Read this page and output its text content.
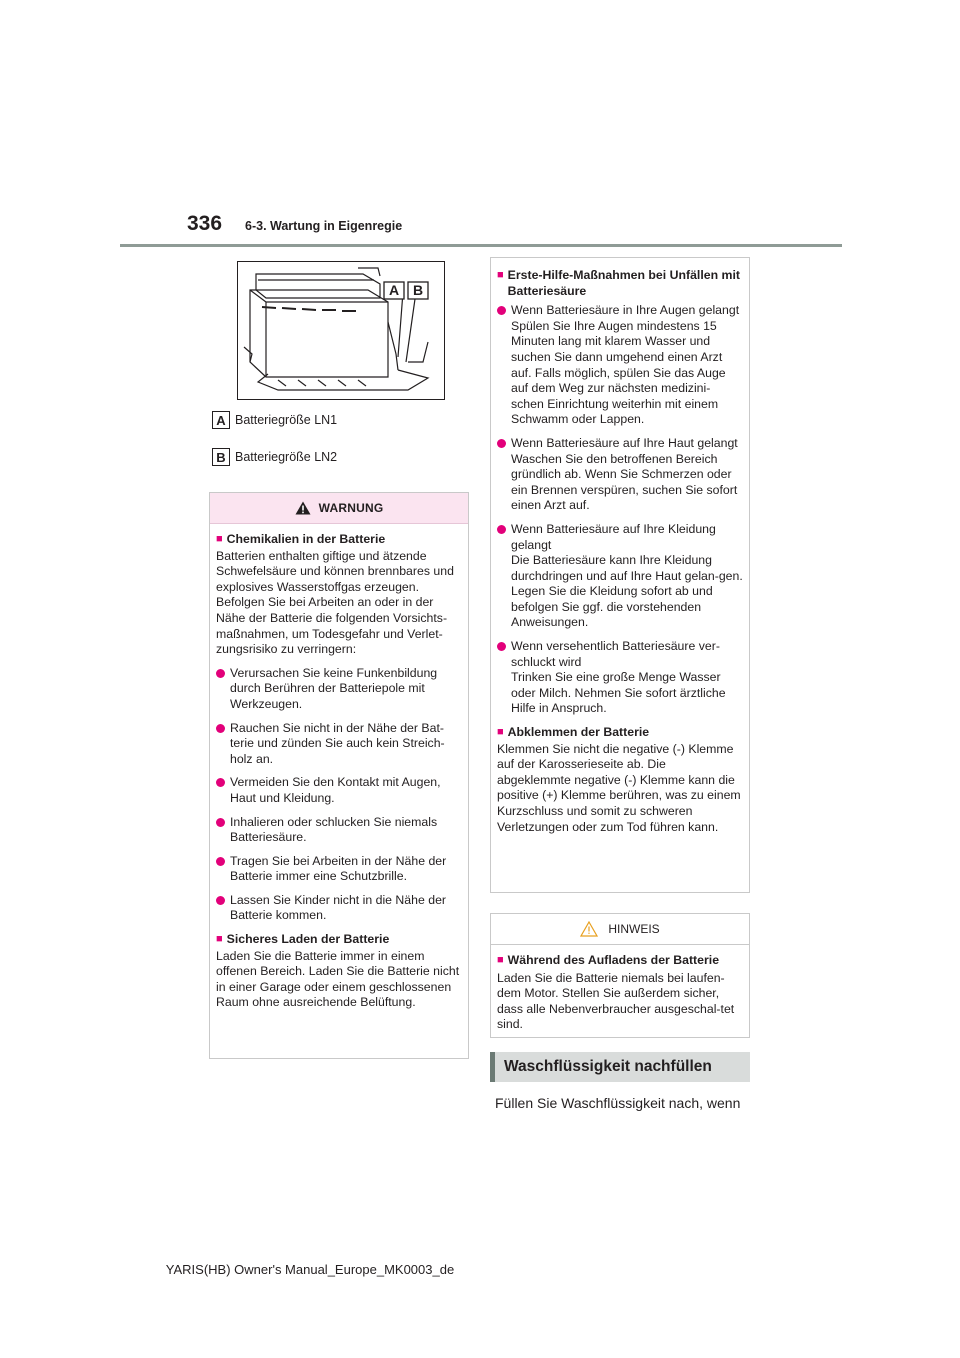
336 6-3. Wartung in Eigenregie
A B
A Batteriegröße LN1
B Batteriegröße LN2
WARNUNG
■ Chemikalien in der Batterie
Batterien enthalten giftige und ätzende Schwefelsäure und können brennbares und explosives Wasserstoffgas erzeugen. Befolgen Sie bei Arbeiten an oder in der Nähe der Batterie die folgenden Vorsichts-maßnahmen, um Todesgefahr und Verlet-zungsrisiko zu verringern:
Verursachen Sie keine Funkenbildung durch Berühren der Batteriepole mit Werkzeugen.
Rauchen Sie nicht in der Nähe der Bat-terie und zünden Sie auch kein Streich-holz an.
Vermeiden Sie den Kontakt mit Augen, Haut und Kleidung.
Inhalieren oder schlucken Sie niemals Batteriesäure.
Tragen Sie bei Arbeiten in der Nähe der Batterie immer eine Schutzbrille.
Lassen Sie Kinder nicht in die Nähe der Batterie kommen.
■ Sicheres Laden der Batterie
Laden Sie die Batterie immer in einem offenen Bereich. Laden Sie die Batterie nicht in einer Garage oder einem geschlossenen Raum ohne ausreichende Belüftung.
■ Erste-Hilfe-Maßnahmen bei Unfällen mit Batteriesäure
Wenn Batteriesäure in Ihre Augen gelangt
Spülen Sie Ihre Augen mindestens 15 Minuten lang mit klarem Wasser und suchen Sie dann umgehend einen Arzt auf. Falls möglich, spülen Sie das Auge auf dem Weg zur nächsten medizini-schen Einrichtung weiterhin mit einem Schwamm oder Lappen.
Wenn Batteriesäure auf Ihre Haut gelangt
Waschen Sie den betroffenen Bereich gründlich ab. Wenn Sie Schmerzen oder ein Brennen verspüren, suchen Sie sofort einen Arzt auf.
Wenn Batteriesäure auf Ihre Kleidung gelangt
Die Batteriesäure kann Ihre Kleidung durchdringen und auf Ihre Haut gelan-gen. Legen Sie die Kleidung sofort ab und befolgen Sie ggf. die vorstehenden Anweisungen.
Wenn versehentlich Batteriesäure ver-schluckt wird
Trinken Sie eine große Menge Wasser oder Milch. Nehmen Sie sofort ärztliche Hilfe in Anspruch.
■ Abklemmen der Batterie
Klemmen Sie nicht die negative (-) Klemme auf der Karosserieseite ab. Die abgeklemmte negative (-) Klemme kann die positive (+) Klemme berühren, was zu einem Kurzschluss und somit zu schweren Verletzungen oder zum Tod führen kann.
HINWEIS
■ Während des Aufladens der Batterie
Laden Sie die Batterie niemals bei laufen-dem Motor. Stellen Sie außerdem sicher, dass alle Nebenverbraucher ausgeschal-tet sind.
Waschflüssigkeit nachfüllen
Füllen Sie Waschflüssigkeit nach, wenn
YARIS(HB) Owner's Manual_Europe_MK0003_de
